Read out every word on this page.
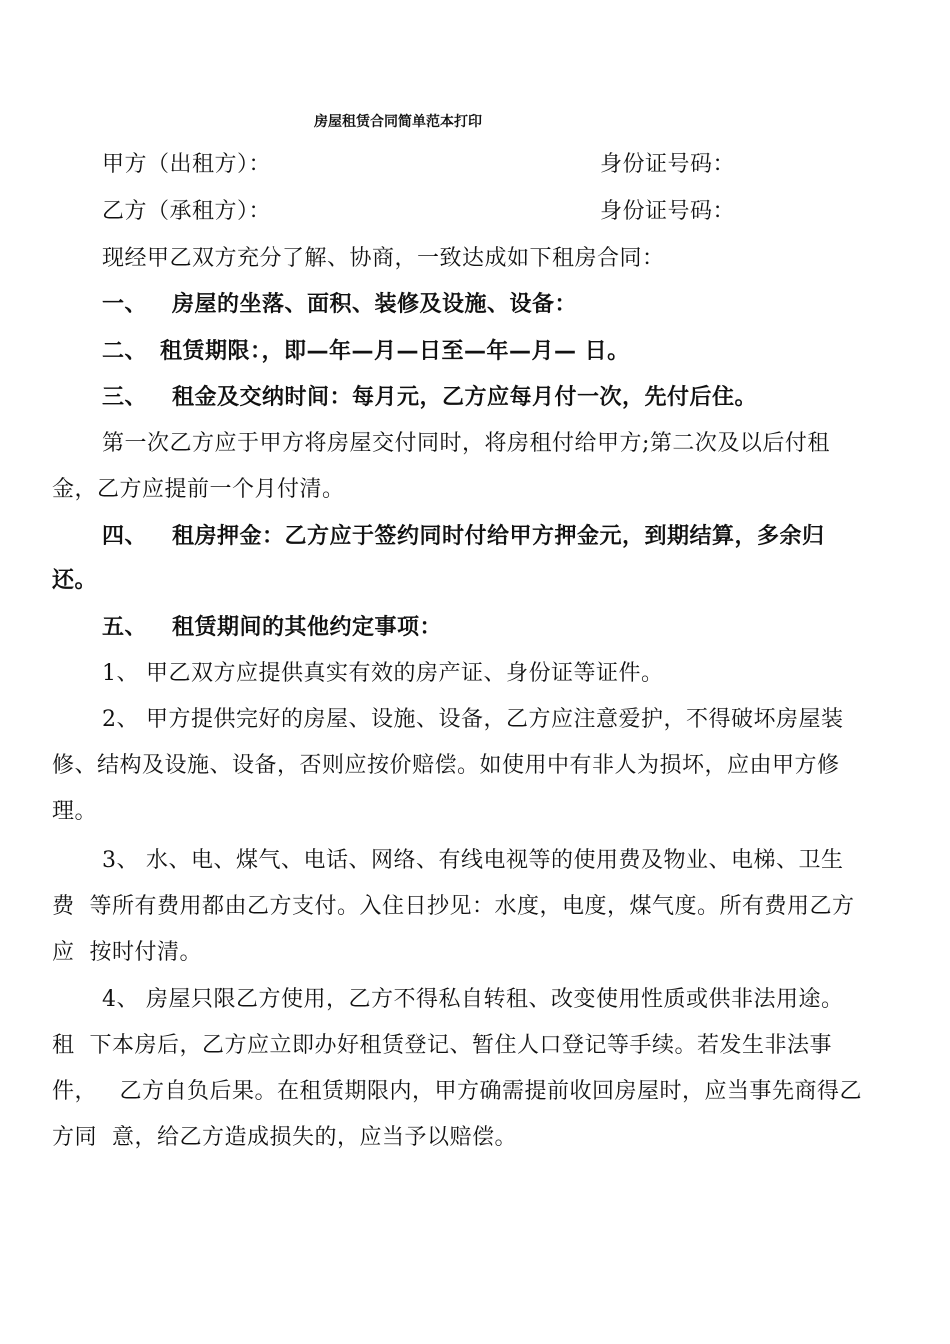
房屋租赁合同简单范本打印
甲方（出租方）：	身份证号码：
乙方（承租方）：	身份证号码：
现经甲乙双方充分了解、协商，一致达成如下租房合同：
一、 房屋的坐落、面积、装修及设施、设备：
二、 租赁期限：，即—年—月—日至—年—月— 日。
三、 租金及交纳时间：每月元，乙方应每月付一次，先付后住。
第一次乙方应于甲方将房屋交付同时，将房租付给甲方;第二次及以后付租
金，乙方应提前一个月付清。
四、 租房押金：乙方应于签约同时付给甲方押金元，到期结算，多余归
还。
五、 租赁期间的其他约定事项：
1、 甲乙双方应提供真实有效的房产证、身份证等证件。
2、 甲方提供完好的房屋、设施、设备，乙方应注意爱护，不得破坏房屋装
修、结构及设施、设备，否则应按价赔偿。如使用中有非人为损坏，应由甲方修
理。
3、 水、电、煤气、电话、网络、有线电视等的使用费及物业、电梯、卫生
费  等所有费用都由乙方支付。入住日抄见：水度，电度，煤气度。所有费用乙方
应  按时付清。
4、 房屋只限乙方使用，乙方不得私自转租、改变使用性质或供非法用途。
租  下本房后，乙方应立即办好租赁登记、暂住人口登记等手续。若发生非法事
件，   乙方自负后果。在租赁期限内，甲方确需提前收回房屋时，应当事先商得乙
方同  意，给乙方造成损失的，应当予以赔偿。
